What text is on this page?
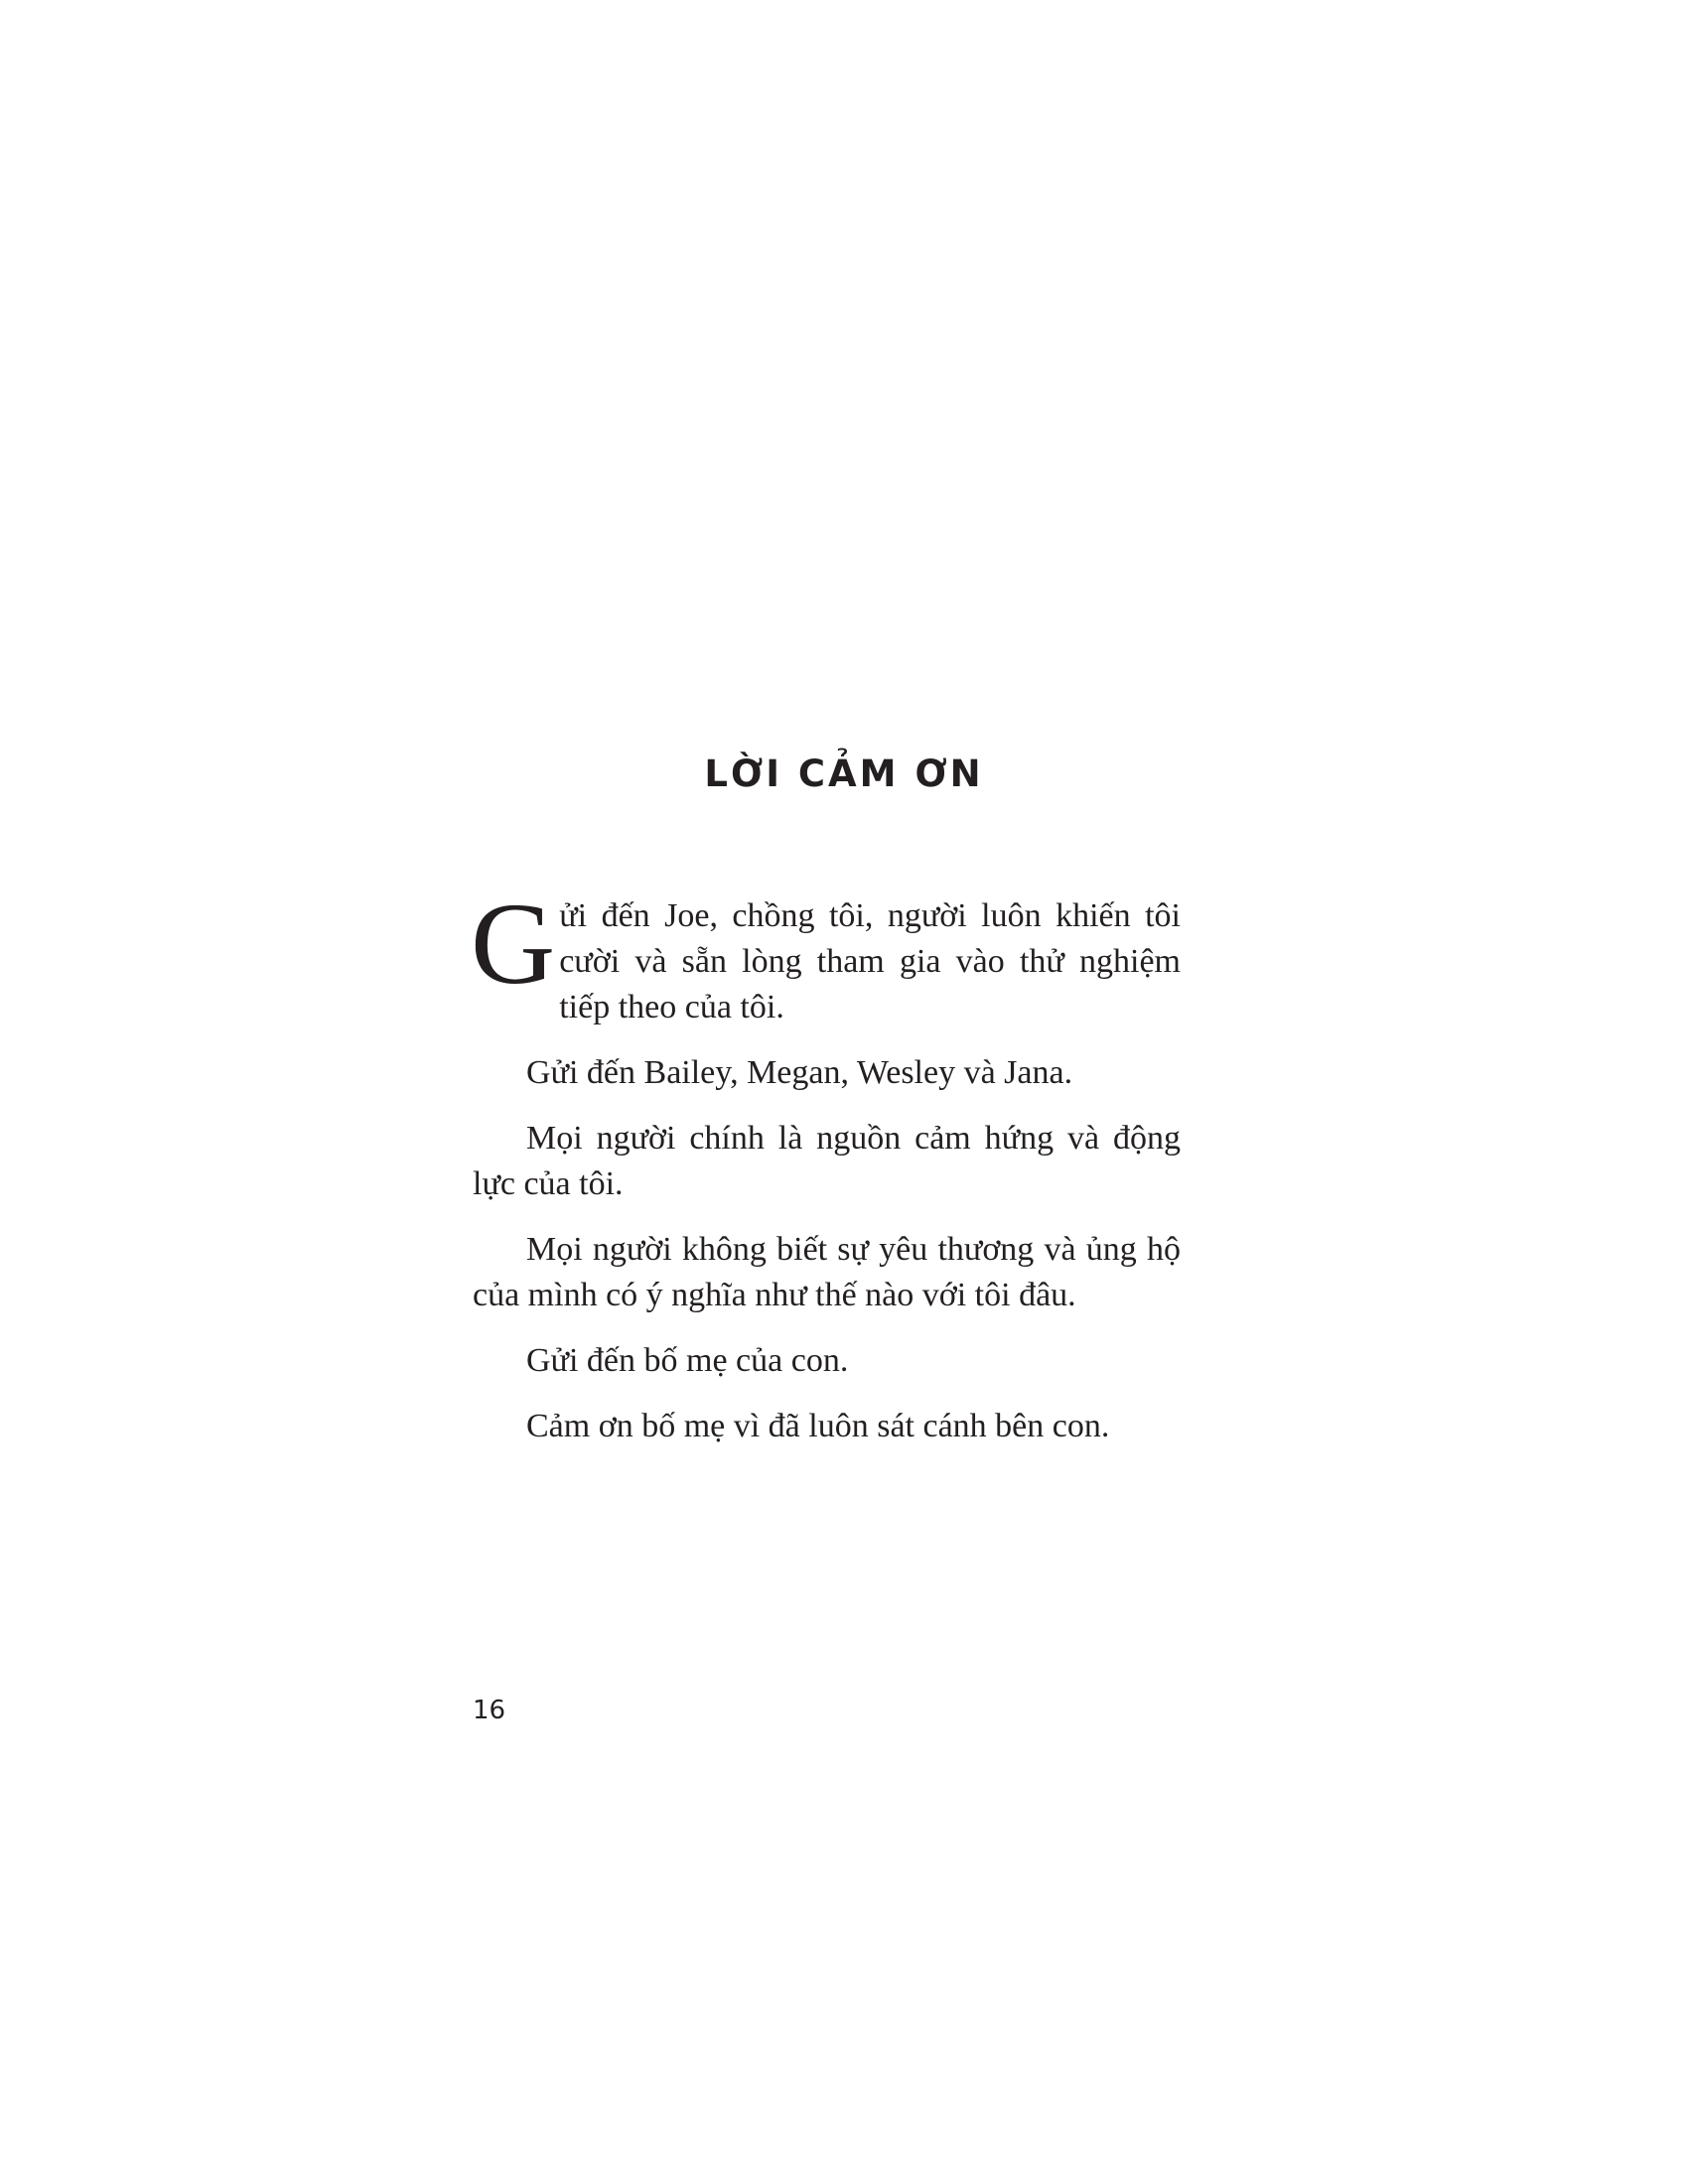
LỜI CẢM ƠN

Gửi đến Joe, chồng tôi, người luôn khiến tôi cười và sẵn lòng tham gia vào thử nghiệm tiếp theo của tôi.

Gửi đến Bailey, Megan, Wesley và Jana.

Mọi người chính là nguồn cảm hứng và động lực của tôi.

Mọi người không biết sự yêu thương và ủng hộ của mình có ý nghĩa như thế nào với tôi đâu.

Gửi đến bố mẹ của con.

Cảm ơn bố mẹ vì đã luôn sát cánh bên con.

16
